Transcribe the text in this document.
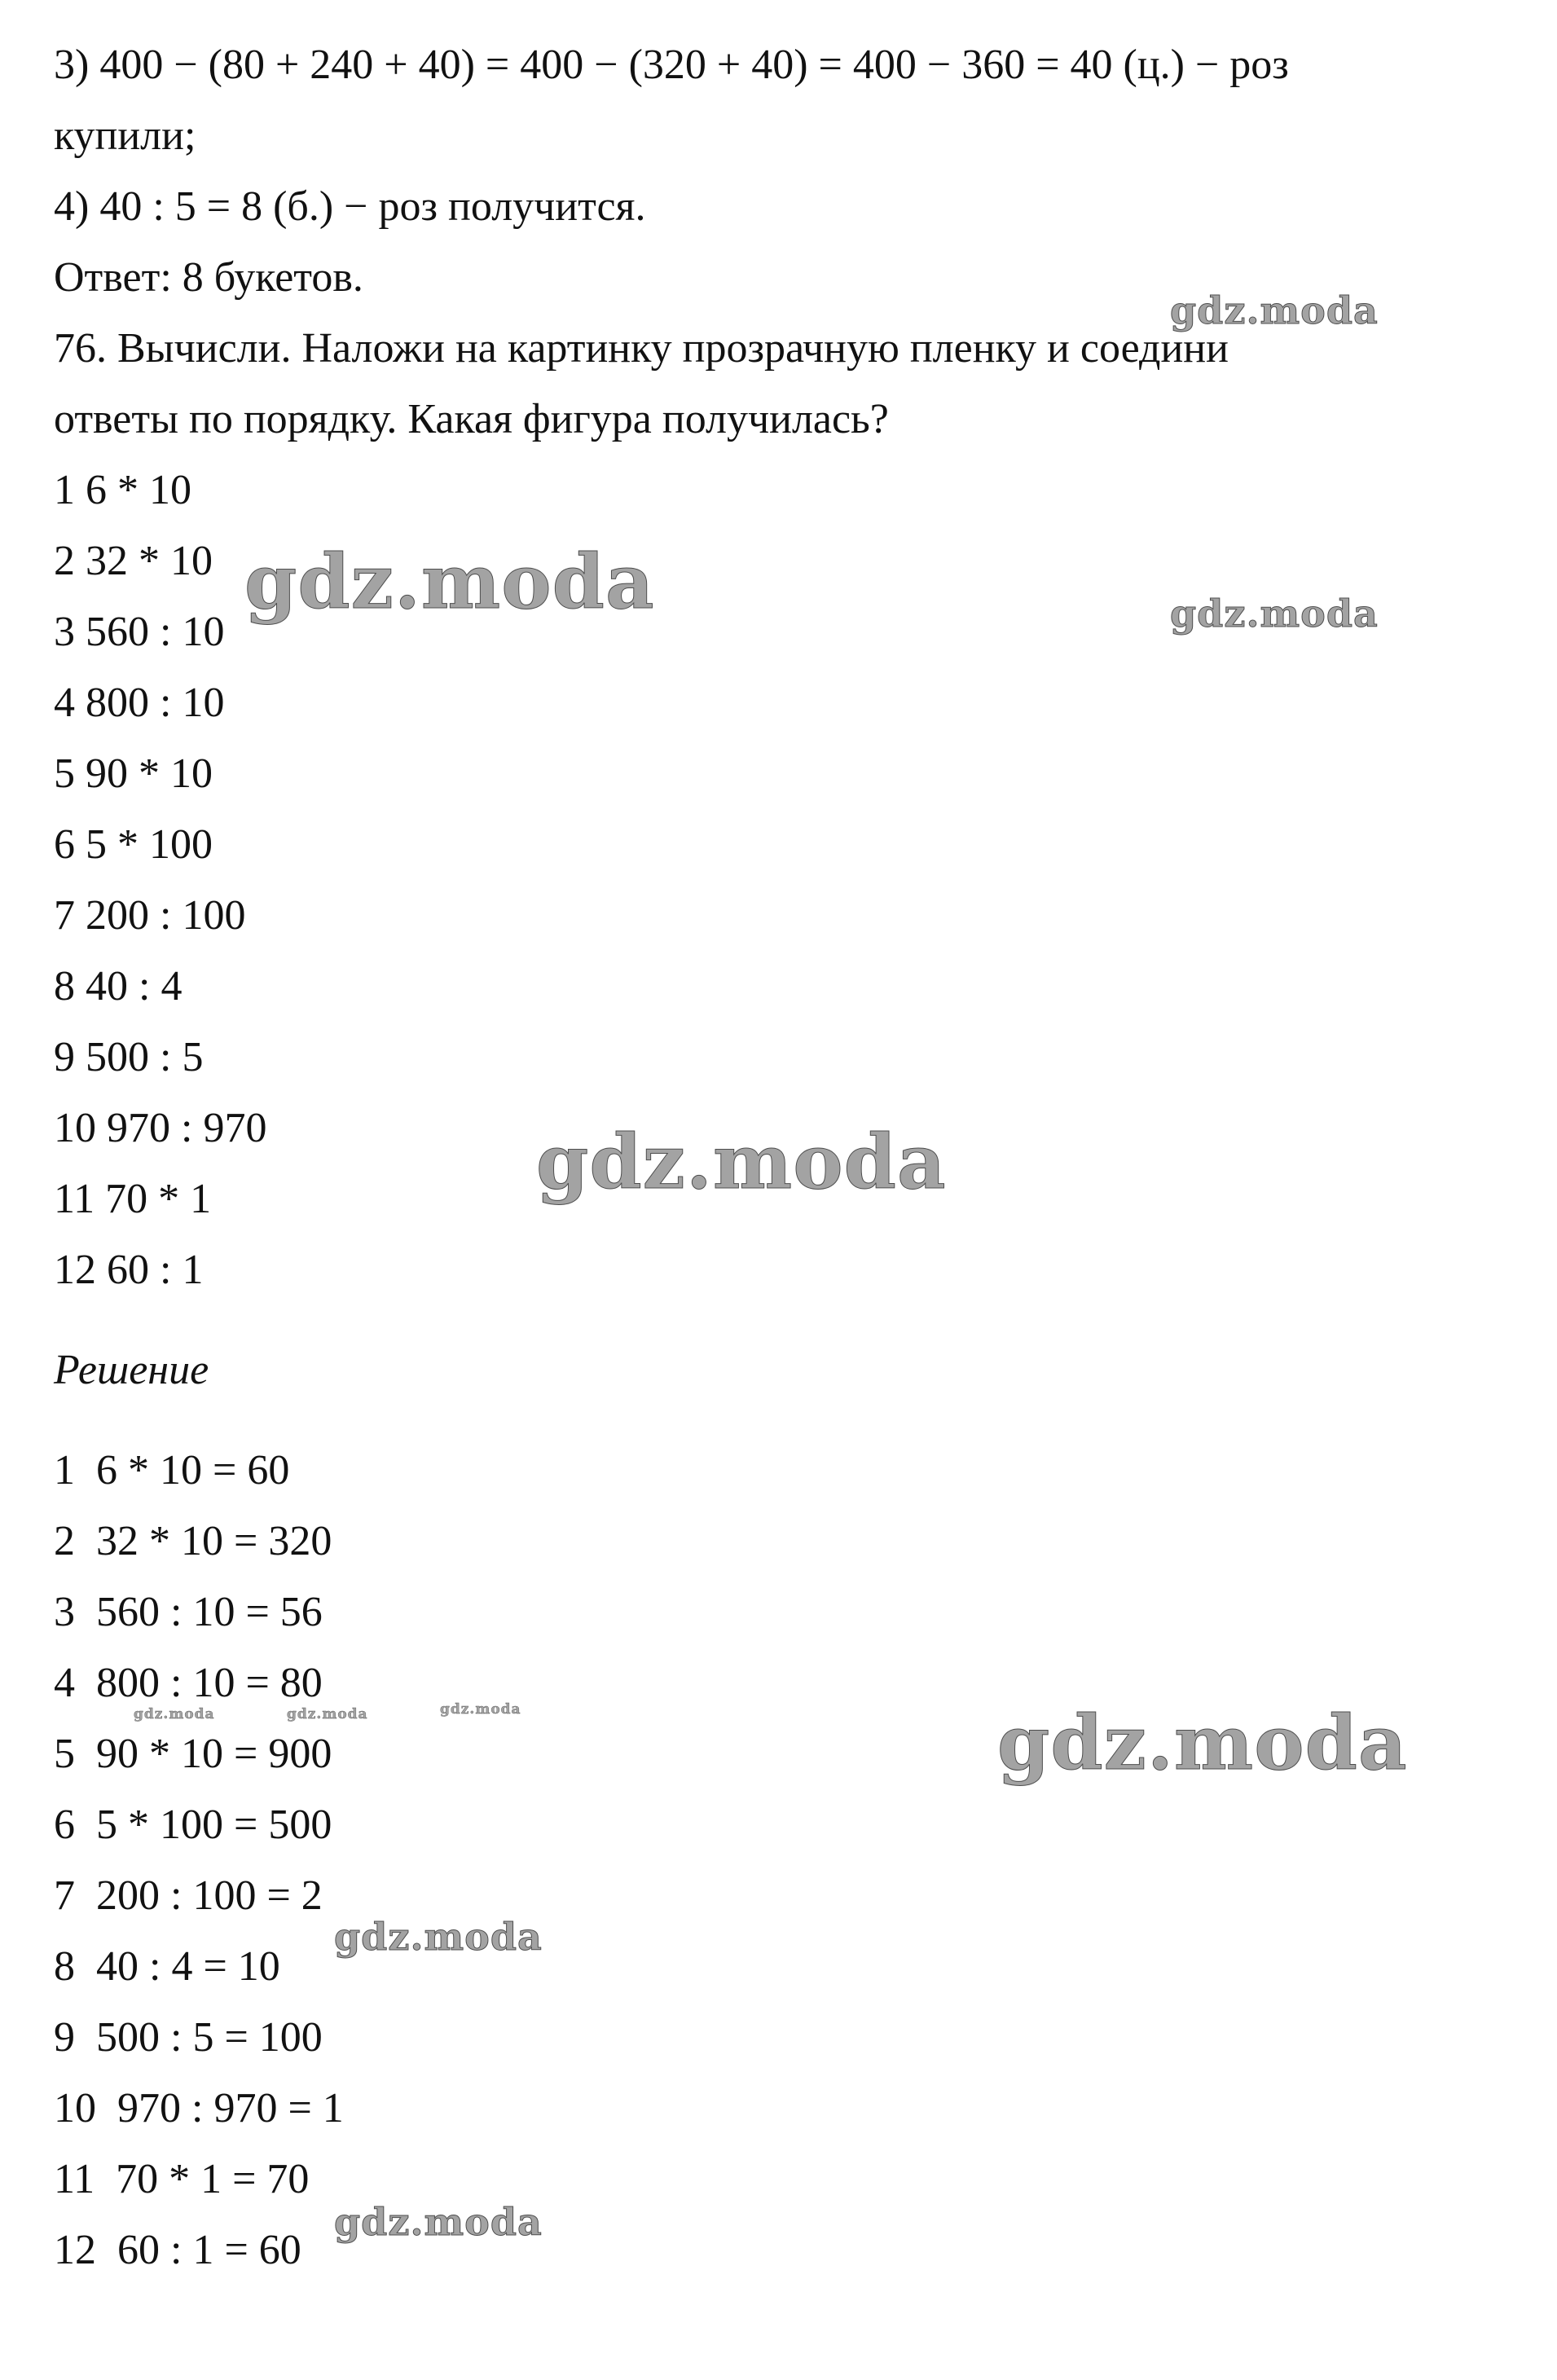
3) 400 − (80 + 240 + 40) = 400 − (320 + 40) = 400 − 360 = 40 (ц.) − роз
купили;
4) 40 : 5 = 8 (б.) − роз получится.
Ответ: 8 букетов.
76. Вычисли. Наложи на картинку прозрачную пленку и соедини
ответы по порядку. Какая фигура получилась?
1 6 * 10
2 32 * 10
3 560 : 10
4 800 : 10
5 90 * 10
6 5 * 100
7 200 : 100
8 40 : 4
9 500 : 5
10 970 : 970
11 70 * 1
12 60 : 1
Решение
1  6 * 10 = 60
2  32 * 10 = 320
3  560 : 10 = 56
4  800 : 10 = 80
5  90 * 10 = 900
6  5 * 100 = 500
7  200 : 100 = 2
8  40 : 4 = 10
9  500 : 5 = 100
10  970 : 970 = 1
11  70 * 1 = 70
12  60 : 1 = 60
gdz.moda
gdz.moda	gdz.moda
gdz.moda
gdz.moda	gdz.moda	gdz.moda	gdz.moda
gdz.moda
gdz.moda
